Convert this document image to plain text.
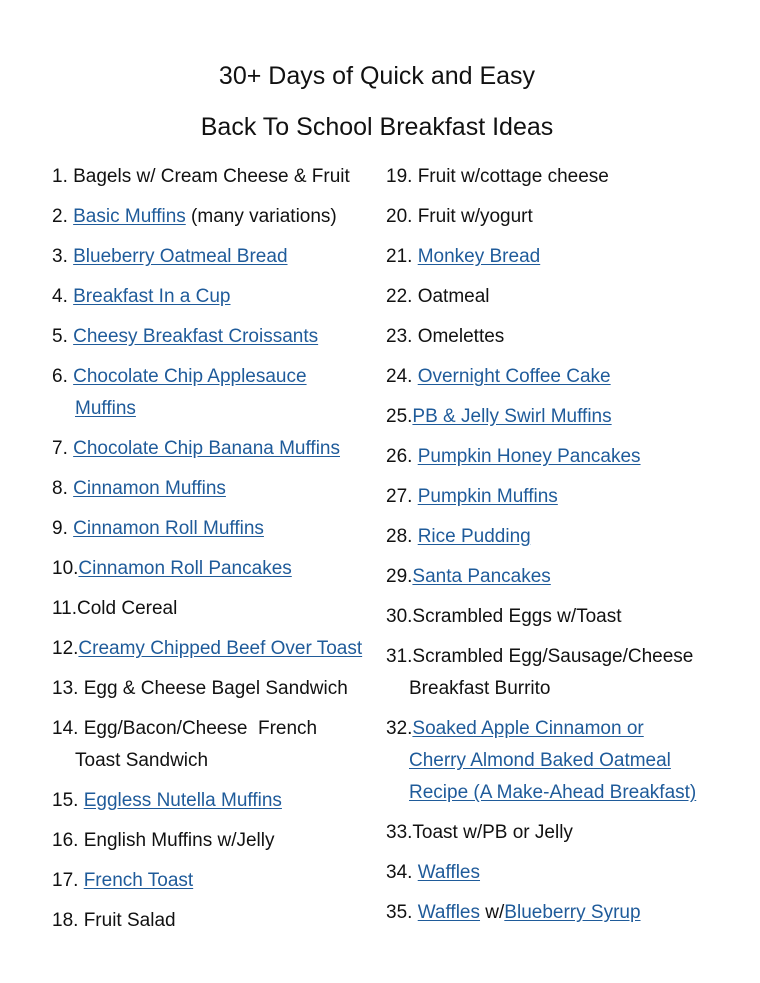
30+ Days of Quick and Easy
Back To School Breakfast Ideas
1. Bagels w/ Cream Cheese & Fruit
2. Basic Muffins (many variations)
3. Blueberry Oatmeal Bread
4. Breakfast In a Cup
5. Cheesy Breakfast Croissants
6. Chocolate Chip Applesauce
Muffins
7. Chocolate Chip Banana Muffins
8. Cinnamon Muffins
9. Cinnamon Roll Muffins
10.Cinnamon Roll Pancakes
11.Cold Cereal
12.Creamy Chipped Beef Over Toast
13. Egg & Cheese Bagel Sandwich
14. Egg/Bacon/Cheese  French
Toast Sandwich
15. Eggless Nutella Muffins
16. English Muffins w/Jelly
17. French Toast
18. Fruit Salad
19. Fruit w/cottage cheese
20. Fruit w/yogurt
21. Monkey Bread
22. Oatmeal
23. Omelettes
24. Overnight Coffee Cake
25.PB & Jelly Swirl Muffins
26. Pumpkin Honey Pancakes
27. Pumpkin Muffins
28. Rice Pudding
29.Santa Pancakes
30.Scrambled Eggs w/Toast
31.Scrambled Egg/Sausage/Cheese
Breakfast Burrito
32.Soaked Apple Cinnamon or
Cherry Almond Baked Oatmeal
Recipe (A Make-Ahead Breakfast)
33.Toast w/PB or Jelly
34. Waffles
35. Waffles w/Blueberry Syrup
